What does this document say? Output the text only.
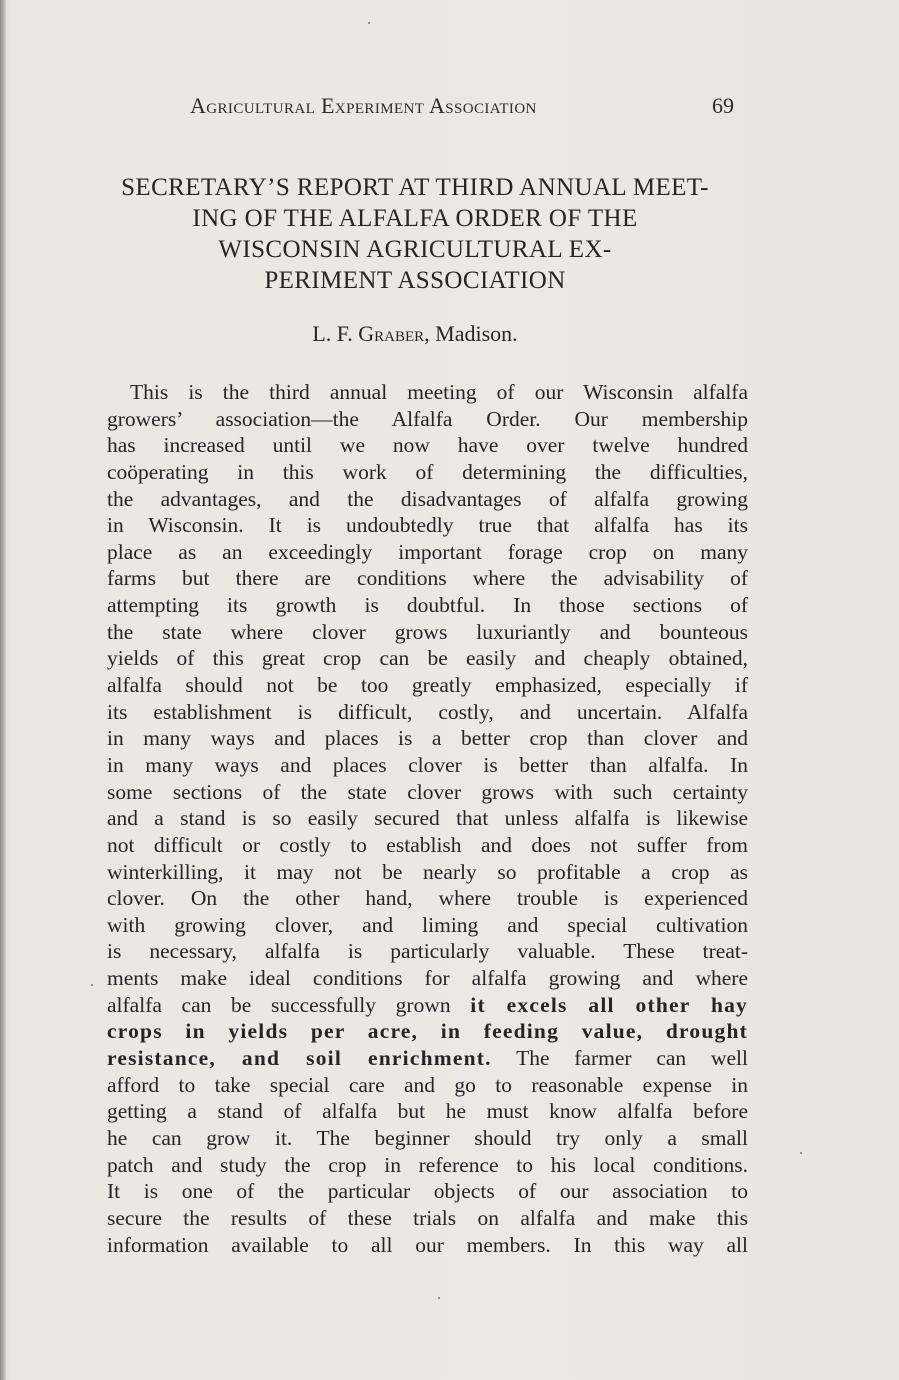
Agricultural Experiment Association	69
SECRETARY’S REPORT AT THIRD ANNUAL MEET-
ING OF THE ALFALFA ORDER OF THE
WISCONSIN AGRICULTURAL EX-
PERIMENT ASSOCIATION
L. F. Graber, Madison.
This is the third annual meeting of our Wisconsin alfalfa
growers’ association—the Alfalfa Order. Our membership
has increased until we now have over twelve hundred
coöperating in this work of determining the difficulties,
the advantages, and the disadvantages of alfalfa growing
in Wisconsin. It is undoubtedly true that alfalfa has its
place as an exceedingly important forage crop on many
farms but there are conditions where the advisability of
attempting its growth is doubtful. In those sections of
the state where clover grows luxuriantly and bounteous
yields of this great crop can be easily and cheaply obtained,
alfalfa should not be too greatly emphasized, especially if
its establishment is difficult, costly, and uncertain. Alfalfa
in many ways and places is a better crop than clover and
in many ways and places clover is better than alfalfa. In
some sections of the state clover grows with such certainty
and a stand is so easily secured that unless alfalfa is likewise
not difficult or costly to establish and does not suffer from
winterkilling, it may not be nearly so profitable a crop as
clover. On the other hand, where trouble is experienced
with growing clover, and liming and special cultivation
is necessary, alfalfa is particularly valuable. These treat-
ments make ideal conditions for alfalfa growing and where
alfalfa can be successfully grown it excels all other hay
crops in yields per acre, in feeding value, drought
resistance, and soil enrichment. The farmer can well
afford to take special care and go to reasonable expense in
getting a stand of alfalfa but he must know alfalfa before
he can grow it. The beginner should try only a small
patch and study the crop in reference to his local conditions.
It is one of the particular objects of our association to
secure the results of these trials on alfalfa and make this
information available to all our members. In this way all
